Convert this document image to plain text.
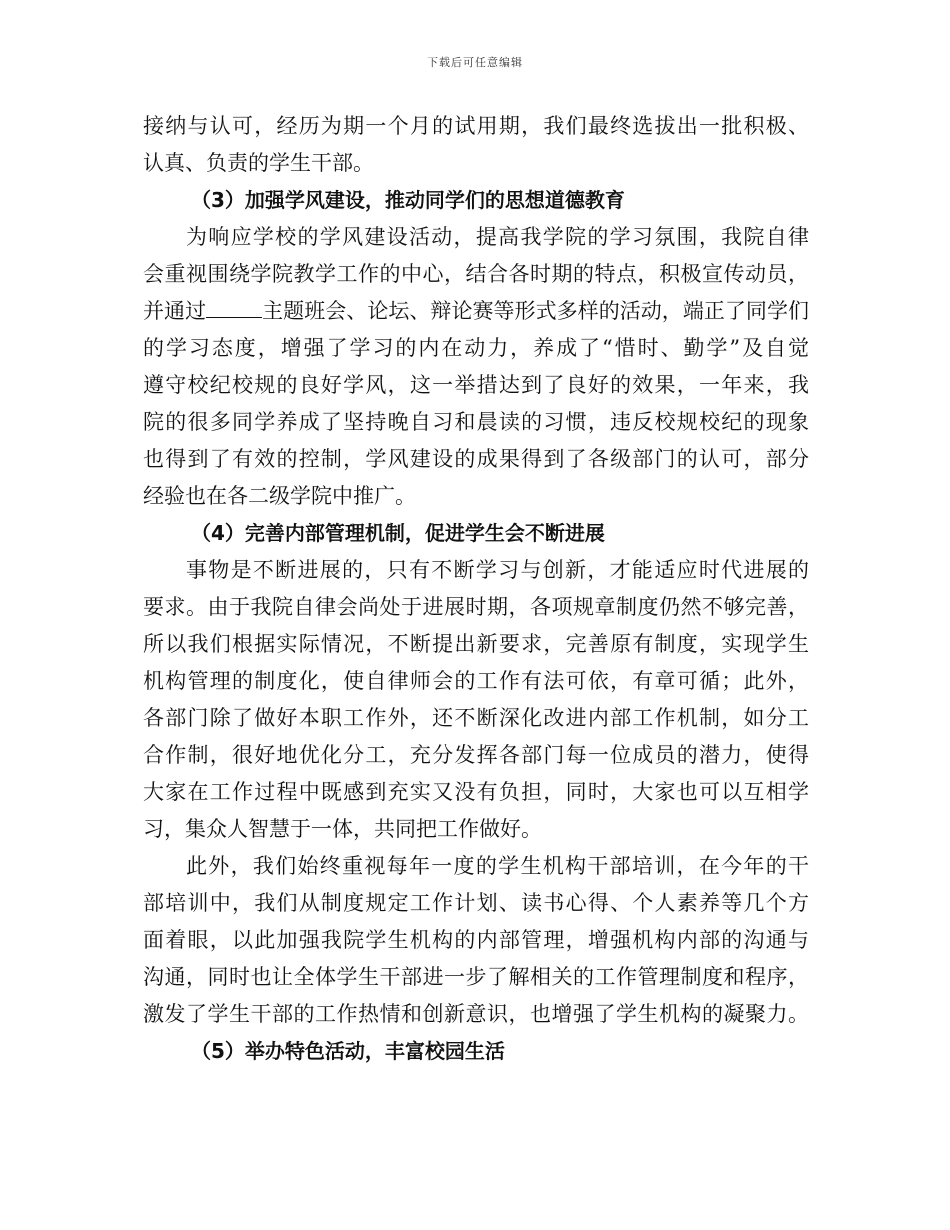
下载后可任意编辑
接纳与认可，经历为期一个月的试用期，我们最终选拔出一批积极、
认真、负责的学生干部。
（3）加强学风建设，推动同学们的思想道德教育
为响应学校的学风建设活动，提高我学院的学习氛围，我院自律
会重视围绕学院教学工作的中心，结合各时期的特点，积极宣传动员，
并通过	主题班会、论坛、辩论赛等形式多样的活动，端正了同学们
的学习态度，增强了学习的内在动力，养成了“惜时、勤学”及自觉
遵守校纪校规的良好学风，这一举措达到了良好的效果，一年来，我
院的很多同学养成了坚持晚自习和晨读的习惯，违反校规校纪的现象
也得到了有效的控制，学风建设的成果得到了各级部门的认可，部分
经验也在各二级学院中推广。
（4）完善内部管理机制，促进学生会不断进展
事物是不断进展的，只有不断学习与创新，才能适应时代进展的
要求。由于我院自律会尚处于进展时期，各项规章制度仍然不够完善，
所以我们根据实际情况，不断提出新要求，完善原有制度，实现学生
机构管理的制度化，使自律师会的工作有法可依，有章可循；此外，
各部门除了做好本职工作外，还不断深化改进内部工作机制，如分工
合作制，很好地优化分工，充分发挥各部门每一位成员的潜力，使得
大家在工作过程中既感到充实又没有负担，同时，大家也可以互相学
习，集众人智慧于一体，共同把工作做好。
此外，我们始终重视每年一度的学生机构干部培训，在今年的干
部培训中，我们从制度规定工作计划、读书心得、个人素养等几个方
面着眼，以此加强我院学生机构的内部管理，增强机构内部的沟通与
沟通，同时也让全体学生干部进一步了解相关的工作管理制度和程序，
激发了学生干部的工作热情和创新意识，也增强了学生机构的凝聚力。
（5）举办特色活动，丰富校园生活
